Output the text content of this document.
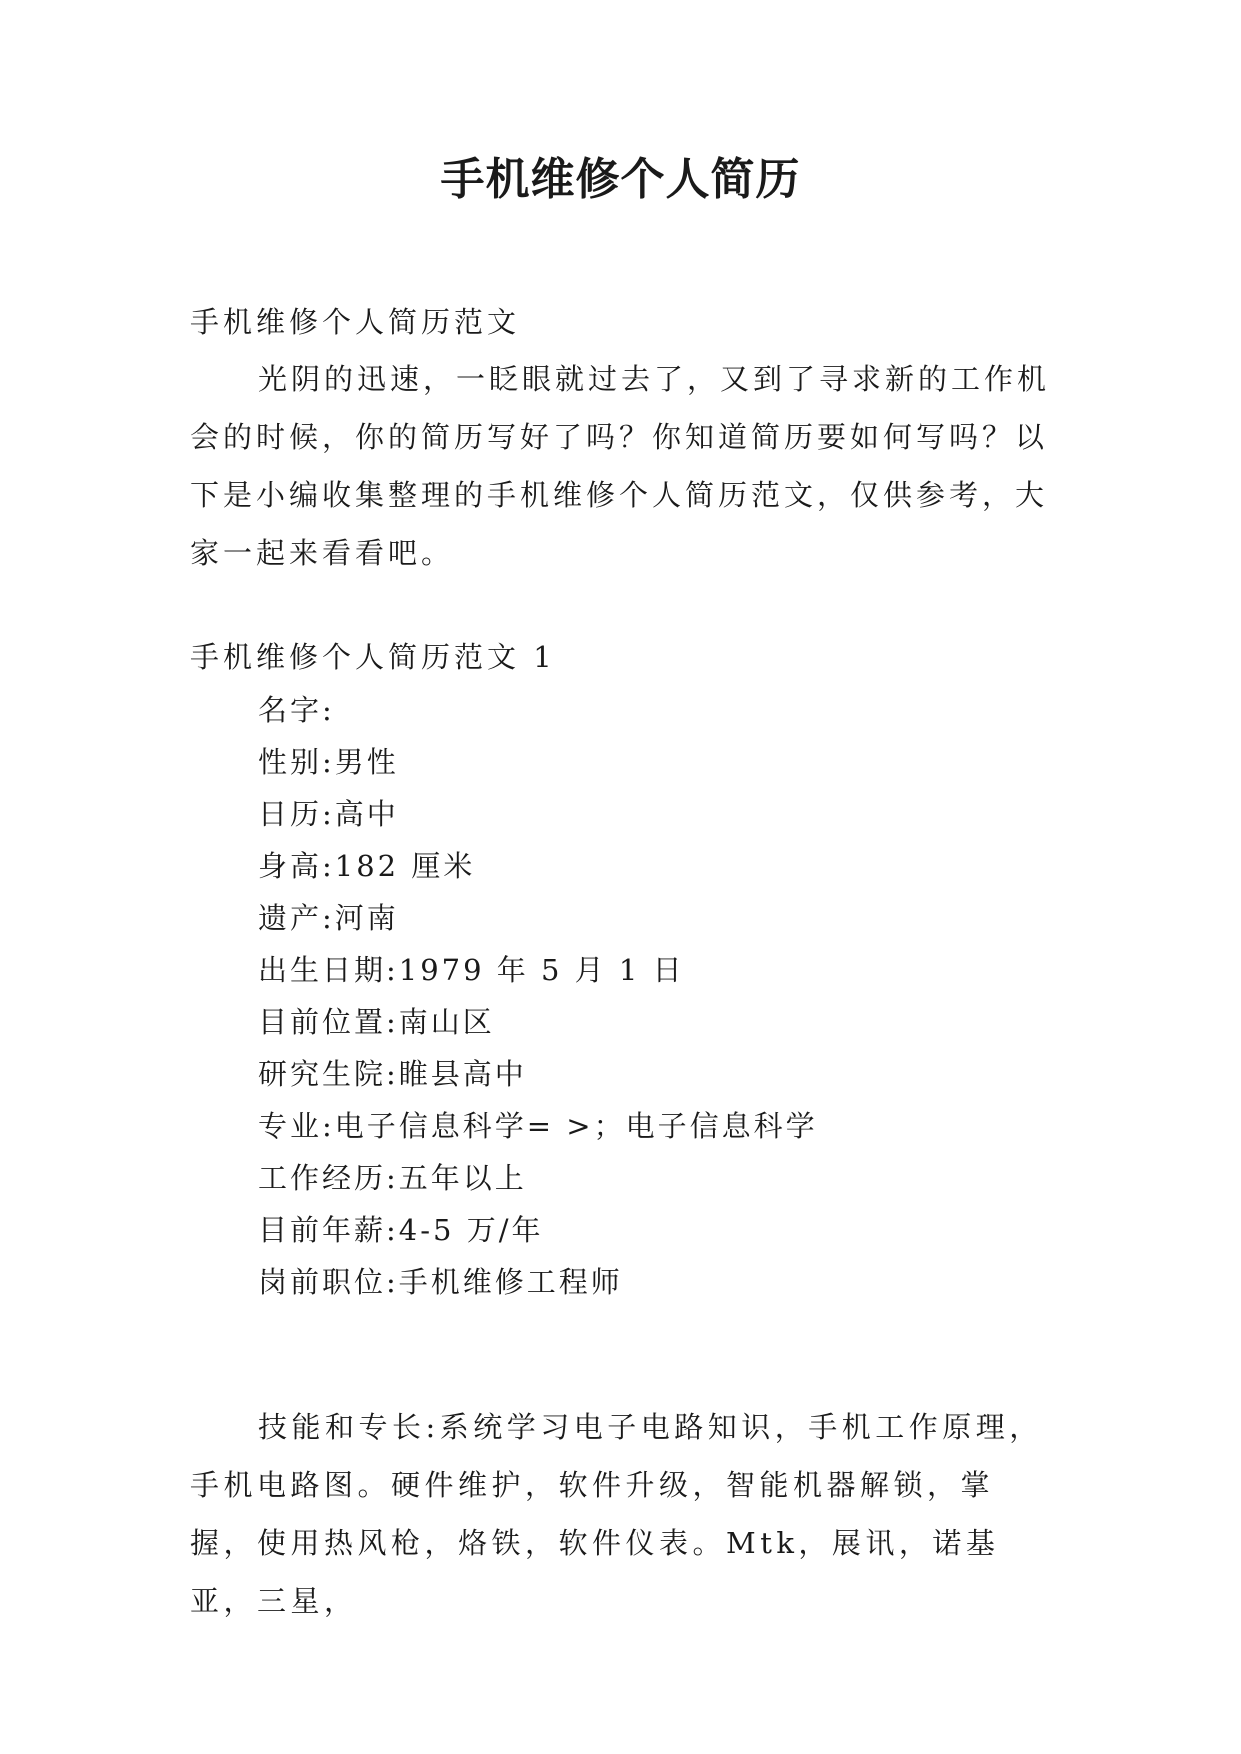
手机维修个人简历
手机维修个人简历范文
光阴的迅速，一眨眼就过去了，又到了寻求新的工作机会的时候，你的简历写好了吗？你知道简历要如何写吗？以下是小编收集整理的手机维修个人简历范文，仅供参考，大家一起来看看吧。
手机维修个人简历范文 1
名字:
性别:男性
日历:高中
身高:182 厘米
遗产:河南
出生日期:1979 年 5 月 1 日
目前位置:南山区
研究生院:睢县高中
专业:电子信息科学= >；电子信息科学
工作经历:五年以上
目前年薪:4-5 万/年
岗前职位:手机维修工程师
技能和专长:系统学习电子电路知识，手机工作原理，手机电路图。硬件维护，软件升级，智能机器解锁，掌握，使用热风枪，烙铁，软件仪表。Mtk，展讯，诺基亚，三星，
